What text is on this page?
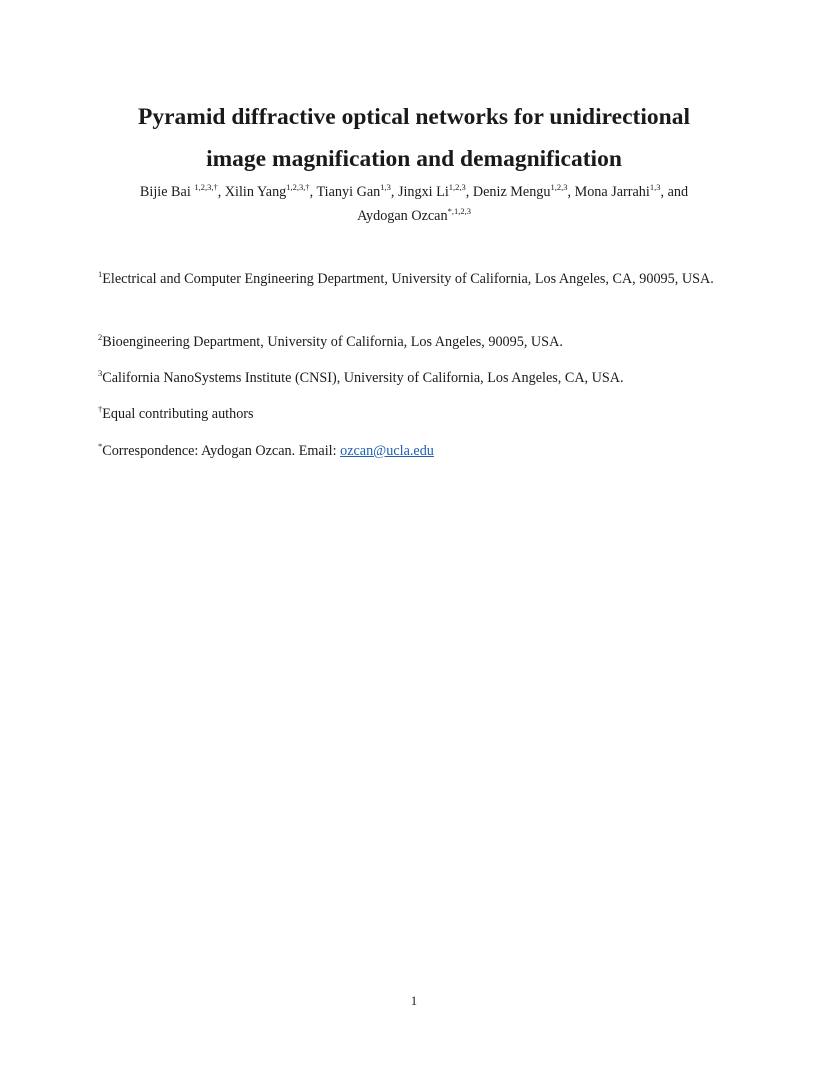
Pyramid diffractive optical networks for unidirectional
image magnification and demagnification

Bijie Bai $^{1,2,3,\dagger}$, Xilin Yang$^{1,2,3,\dagger}$, Tianyi Gan$^{1,3}$, Jingxi Li$^{1,2,3}$, Deniz Mengu$^{1,2,3}$, Mona Jarrahi$^{1,3}$, and
Aydogan Ozcan$^{*,1,2,3}$

$^1$Electrical and Computer Engineering Department, University of California, Los Angeles, CA, 90095, USA.

$^2$Bioengineering Department, University of California, Los Angeles, 90095, USA.

$^3$California NanoSystems Institute (CNSI), University of California, Los Angeles, CA, USA.

†Equal contributing authors

*Correspondence: Aydogan Ozcan. Email: ozcan@ucla.edu

1
